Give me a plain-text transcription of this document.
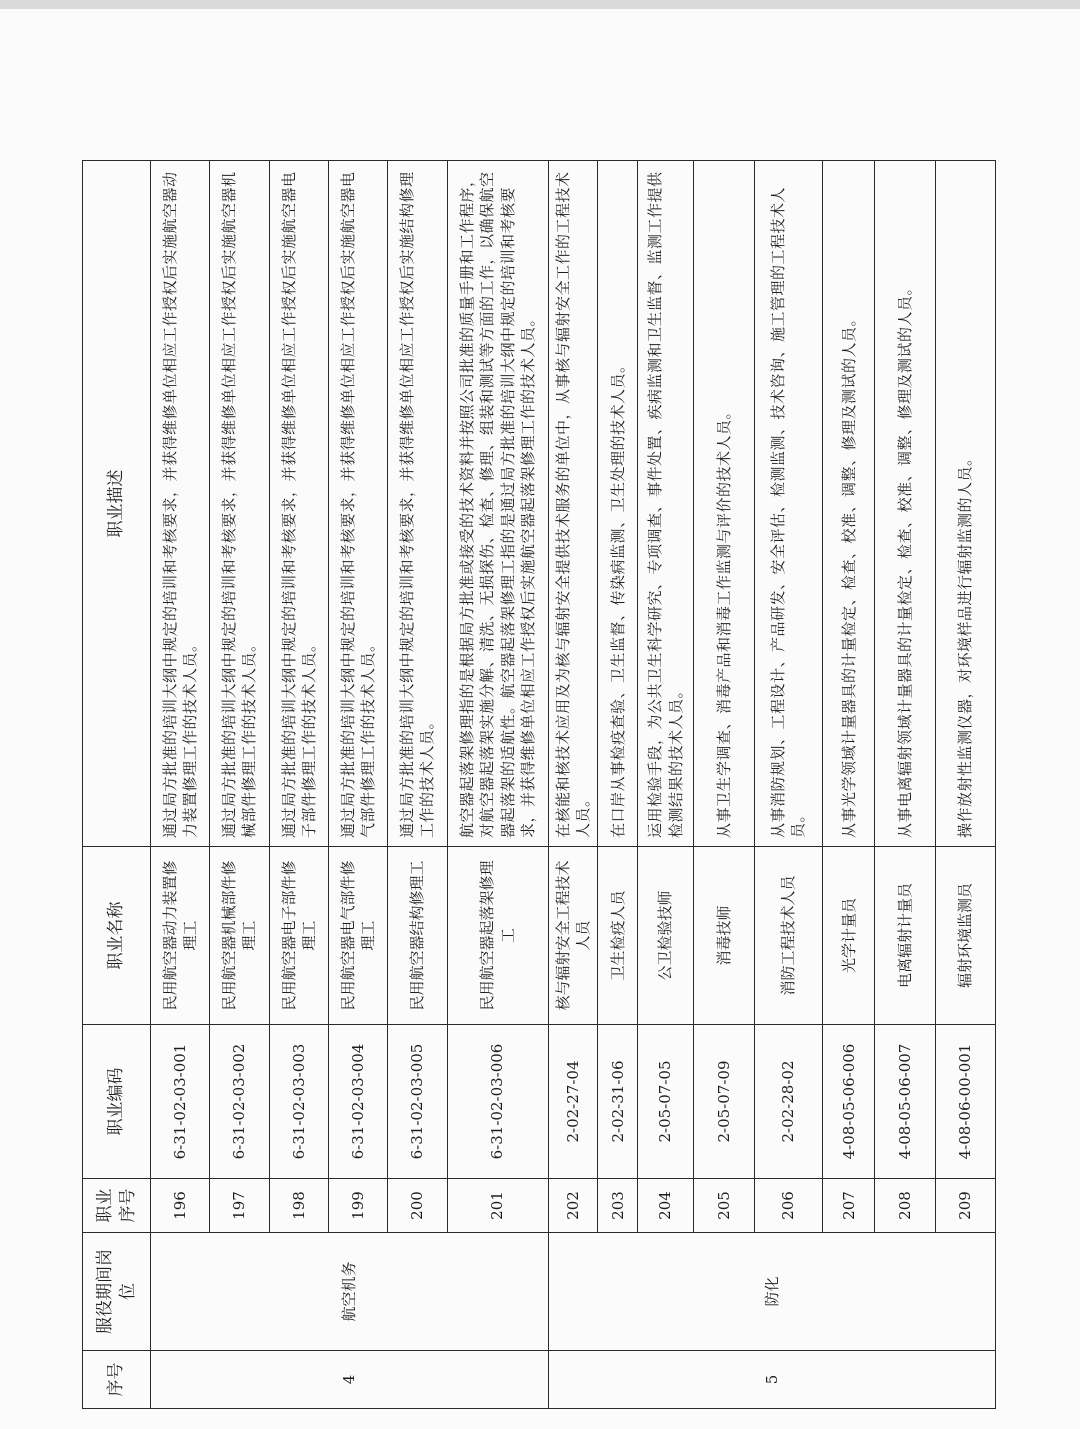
序号	服役期间岗位	职业序号	职业编码	职业名称	职业描述
4	航空机务	196	6-31-02-03-001	民用航空器动力装置修理工	通过局方批准的培训大纲中规定的培训和考核要求，并获得维修单位相应工作授权后实施航空器动力装置修理工作的技术人员。
		197	6-31-02-03-002	民用航空器机械部件修理工	通过局方批准的培训大纲中规定的培训和考核要求，并获得维修单位相应工作授权后实施航空器机械部件修理工作的技术人员。
		198	6-31-02-03-003	民用航空器电子部件修理工	通过局方批准的培训大纲中规定的培训和考核要求，并获得维修单位相应工作授权后实施航空器电子部件修理工作的技术人员。
		199	6-31-02-03-004	民用航空器电气部件修理工	通过局方批准的培训大纲中规定的培训和考核要求，并获得维修单位相应工作授权后实施航空器电气部件修理工作的技术人员。
		200	6-31-02-03-005	民用航空器结构修理工	通过局方批准的培训大纲中规定的培训和考核要求，并获得维修单位相应工作授权后实施结构修理工作的技术人员。
		201	6-31-02-03-006	民用航空器起落架修理工	航空器起落架修理指的是根据局方批准或接受的技术资料并按照公司批准的质量手册和工作程序，对航空器起落架实施分解、清洗、无损探伤、检查、修理、组装和测试等方面的工作，以确保航空器起落架的适航性。航空器起落架修理工指的是通过局方批准的培训大纲中规定的培训和考核要求，并获得维修单位相应工作授权后实施航空器起落架修理工作的技术人员。
5	防化	202	2-02-27-04	核与辐射安全工程技术人员	在核能和核技术应用及为核与辐射安全提供技术服务的单位中，从事核与辐射安全工作的工程技术人员。
		203	2-02-31-06	卫生检疫人员	在口岸从事检疫查验、卫生监督、传染病监测、卫生处理的技术人员。
		204	2-05-07-05	公卫检验技师	运用检验手段，为公共卫生科学研究、专项调查、事件处置、疾病监测和卫生监督、监测工作提供检测结果的技术人员。
		205	2-05-07-09	消毒技师	从事卫生学调查、消毒产品和消毒工作监测与评价的技术人员。
		206	2-02-28-02	消防工程技术人员	从事消防规划、工程设计、产品研发、安全评估、检测监测、技术咨询、施工管理的工程技术人员。
		207	4-08-05-06-006	光学计量员	从事光学领域计量器具的计量检定、检查、校准、调整、修理及测试的人员。
		208	4-08-05-06-007	电离辐射计量员	从事电离辐射领域计量器具的计量检定、检查、校准、调整、修理及测试的人员。
		209	4-08-06-00-001	辐射环境监测员	操作放射性监测仪器，对环境样品进行辐射监测的人员。
